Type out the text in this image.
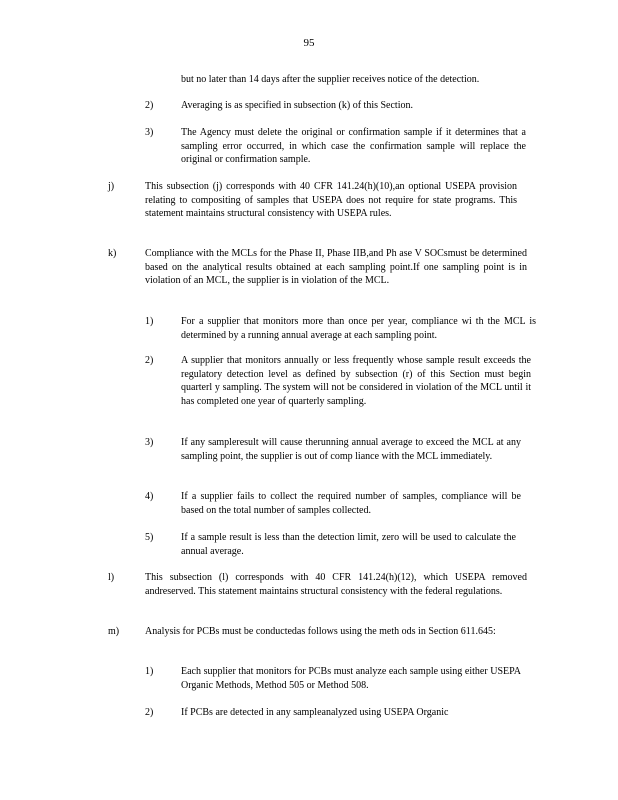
95
but no later than 14 days after the supplier receives notice of the detection.
2)	Averaging is as specified in subsection (k) of this Section.
3)	The Agency must delete the original or confirmation sample if it determines that a sampling error occurred, in which case the confirmation sample will replace the original or confirmation sample.
j)	This subsection (j) corresponds with 40 CFR 141.24(h)(10),an optional USEPA provision relating to compositing of samples that USEPA does not require for state programs. This statement maintains structural consistency with USEPA rules.
k)	Compliance with the MCLs for the Phase II, Phase IIB,and Ph ase V SOCsmust be determined based on the analytical results obtained at each sampling point.If one sampling point is in violation of an MCL, the supplier is in violation of the MCL.
1)	For a supplier that monitors more than once per year, compliance wi th the MCL is determined by a running annual average at each sampling point.
2)	A supplier that monitors annually or less frequently whose sample result exceeds the regulatory detection level as defined by subsection (r) of this Section must begin quarterl y sampling. The system will not be considered in violation of the MCL until it has completed one year of quarterly sampling.
3)	If any sampleresult will cause therunning annual average to exceed the MCL at any sampling point, the supplier is out of comp liance with the MCL immediately.
4)	If a supplier fails to collect the required number of samples, compliance will be based on the total number of samples collected.
5)	If a sample result is less than the detection limit, zero will be used to calculate the annual average.
l)	This subsection (l) corresponds with 40 CFR 141.24(h)(12), which USEPA removed andreserved. This statement maintains structural consistency with the federal regulations.
m)	Analysis for PCBs must be conductedas follows using the meth ods in Section 611.645:
1)	Each supplier that monitors for PCBs must analyze each sample using either USEPA Organic Methods, Method 505 or Method 508.
2)	If PCBs are detected in any sampleanalyzed using USEPA Organic
